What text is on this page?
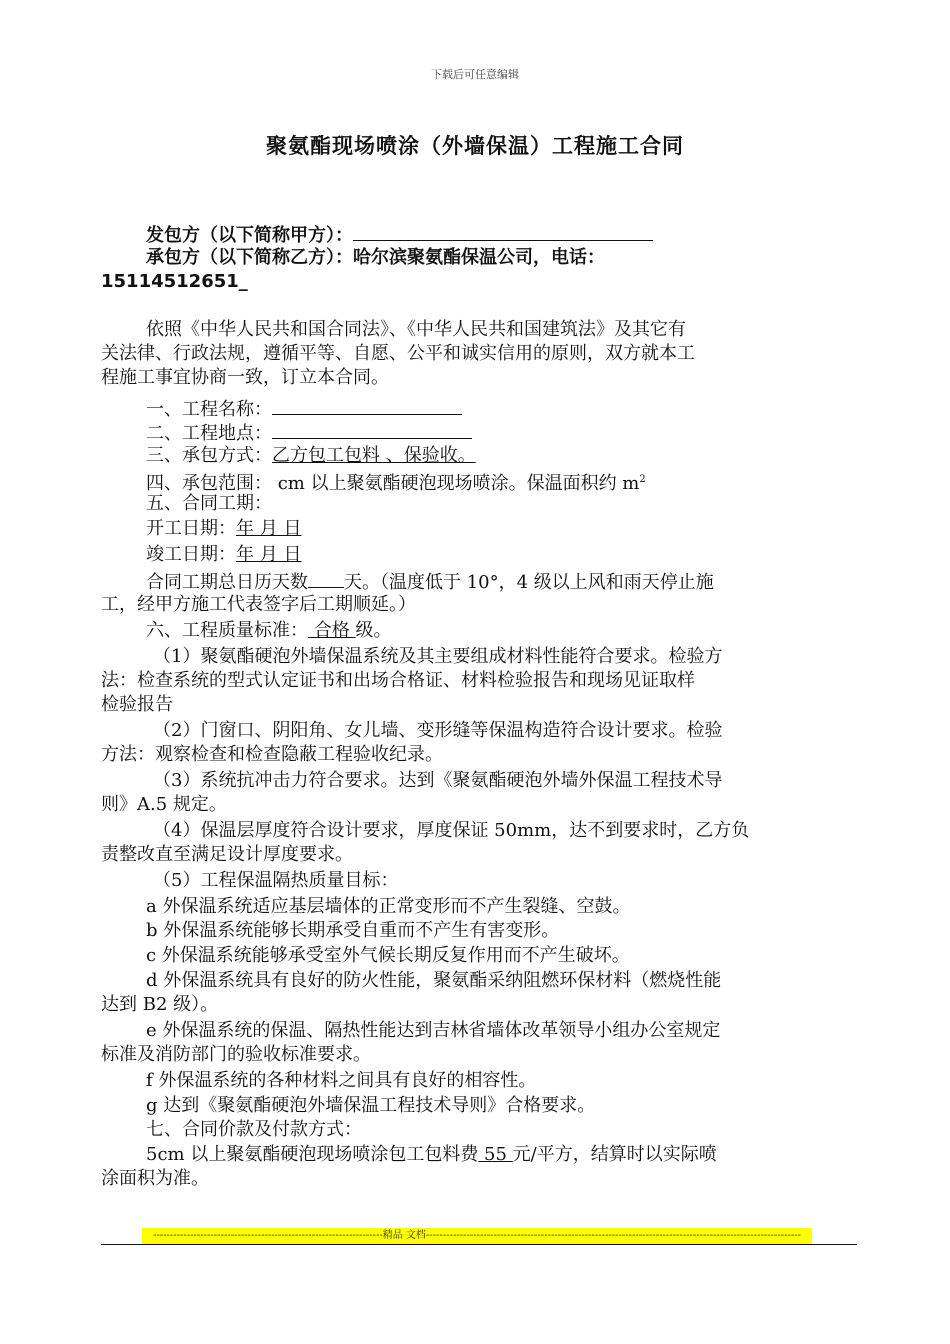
下载后可任意编辑
聚氨酯现场喷涂（外墙保温）工程施工合同
发包方（以下简称甲方）：
承包方（以下简称乙方）：哈尔滨聚氨酯保温公司，电话：
15114512651_
依照《中华人民共和国合同法》、《中华人民共和国建筑法》及其它有
关法律、行政法规，遵循平等、自愿、公平和诚实信用的原则，双方就本工
程施工事宜协商一致，订立本合同。
一、工程名称：
二、工程地点：
三、承包方式：乙方包工包料 、保验收。
四、承包范围： cm 以上聚氨酯硬泡现场喷涂。保温面积约 $m^2$
五、合同工期：
开工日期：年 月 日
竣工日期：年 月 日
合同工期总日历天数 天。（温度低于 10°，4 级以上风和雨天停止施
工，经甲方施工代表签字后工期顺延。）
六、工程质量标准： 合格 级。
（1）聚氨酯硬泡外墙保温系统及其主要组成材料性能符合要求。检验方
法：检查系统的型式认定证书和出场合格证、材料检验报告和现场见证取样
检验报告
（2）门窗口、阴阳角、女儿墙、变形缝等保温构造符合设计要求。检验
方法：观察检查和检查隐蔽工程验收纪录。
（3）系统抗冲击力符合要求。达到《聚氨酯硬泡外墙外保温工程技术导
则》A.5 规定。
（4）保温层厚度符合设计要求，厚度保证 50mm，达不到要求时，乙方负
责整改直至满足设计厚度要求。
（5）工程保温隔热质量目标：
a 外保温系统适应基层墙体的正常变形而不产生裂缝、空鼓。
b 外保温系统能够长期承受自重而不产生有害变形。
c 外保温系统能够承受室外气候长期反复作用而不产生破坏。
d 外保温系统具有良好的防火性能，聚氨酯采纳阻燃环保材料（燃烧性能
达到 B2 级）。
e 外保温系统的保温、隔热性能达到吉林省墙体改革领导小组办公室规定
标准及消防部门的验收标准要求。
f 外保温系统的各种材料之间具有良好的相容性。
g 达到《聚氨酯硬泡外墙保温工程技术导则》合格要求。
七、合同价款及付款方式：
5cm 以上聚氨酯硬泡现场喷涂包工包料费 55 元/平方，结算时以实际喷
涂面积为准。
--------------------------------------------------------------------精品 文档---------------------------------------------------------------------------------------------------------------
